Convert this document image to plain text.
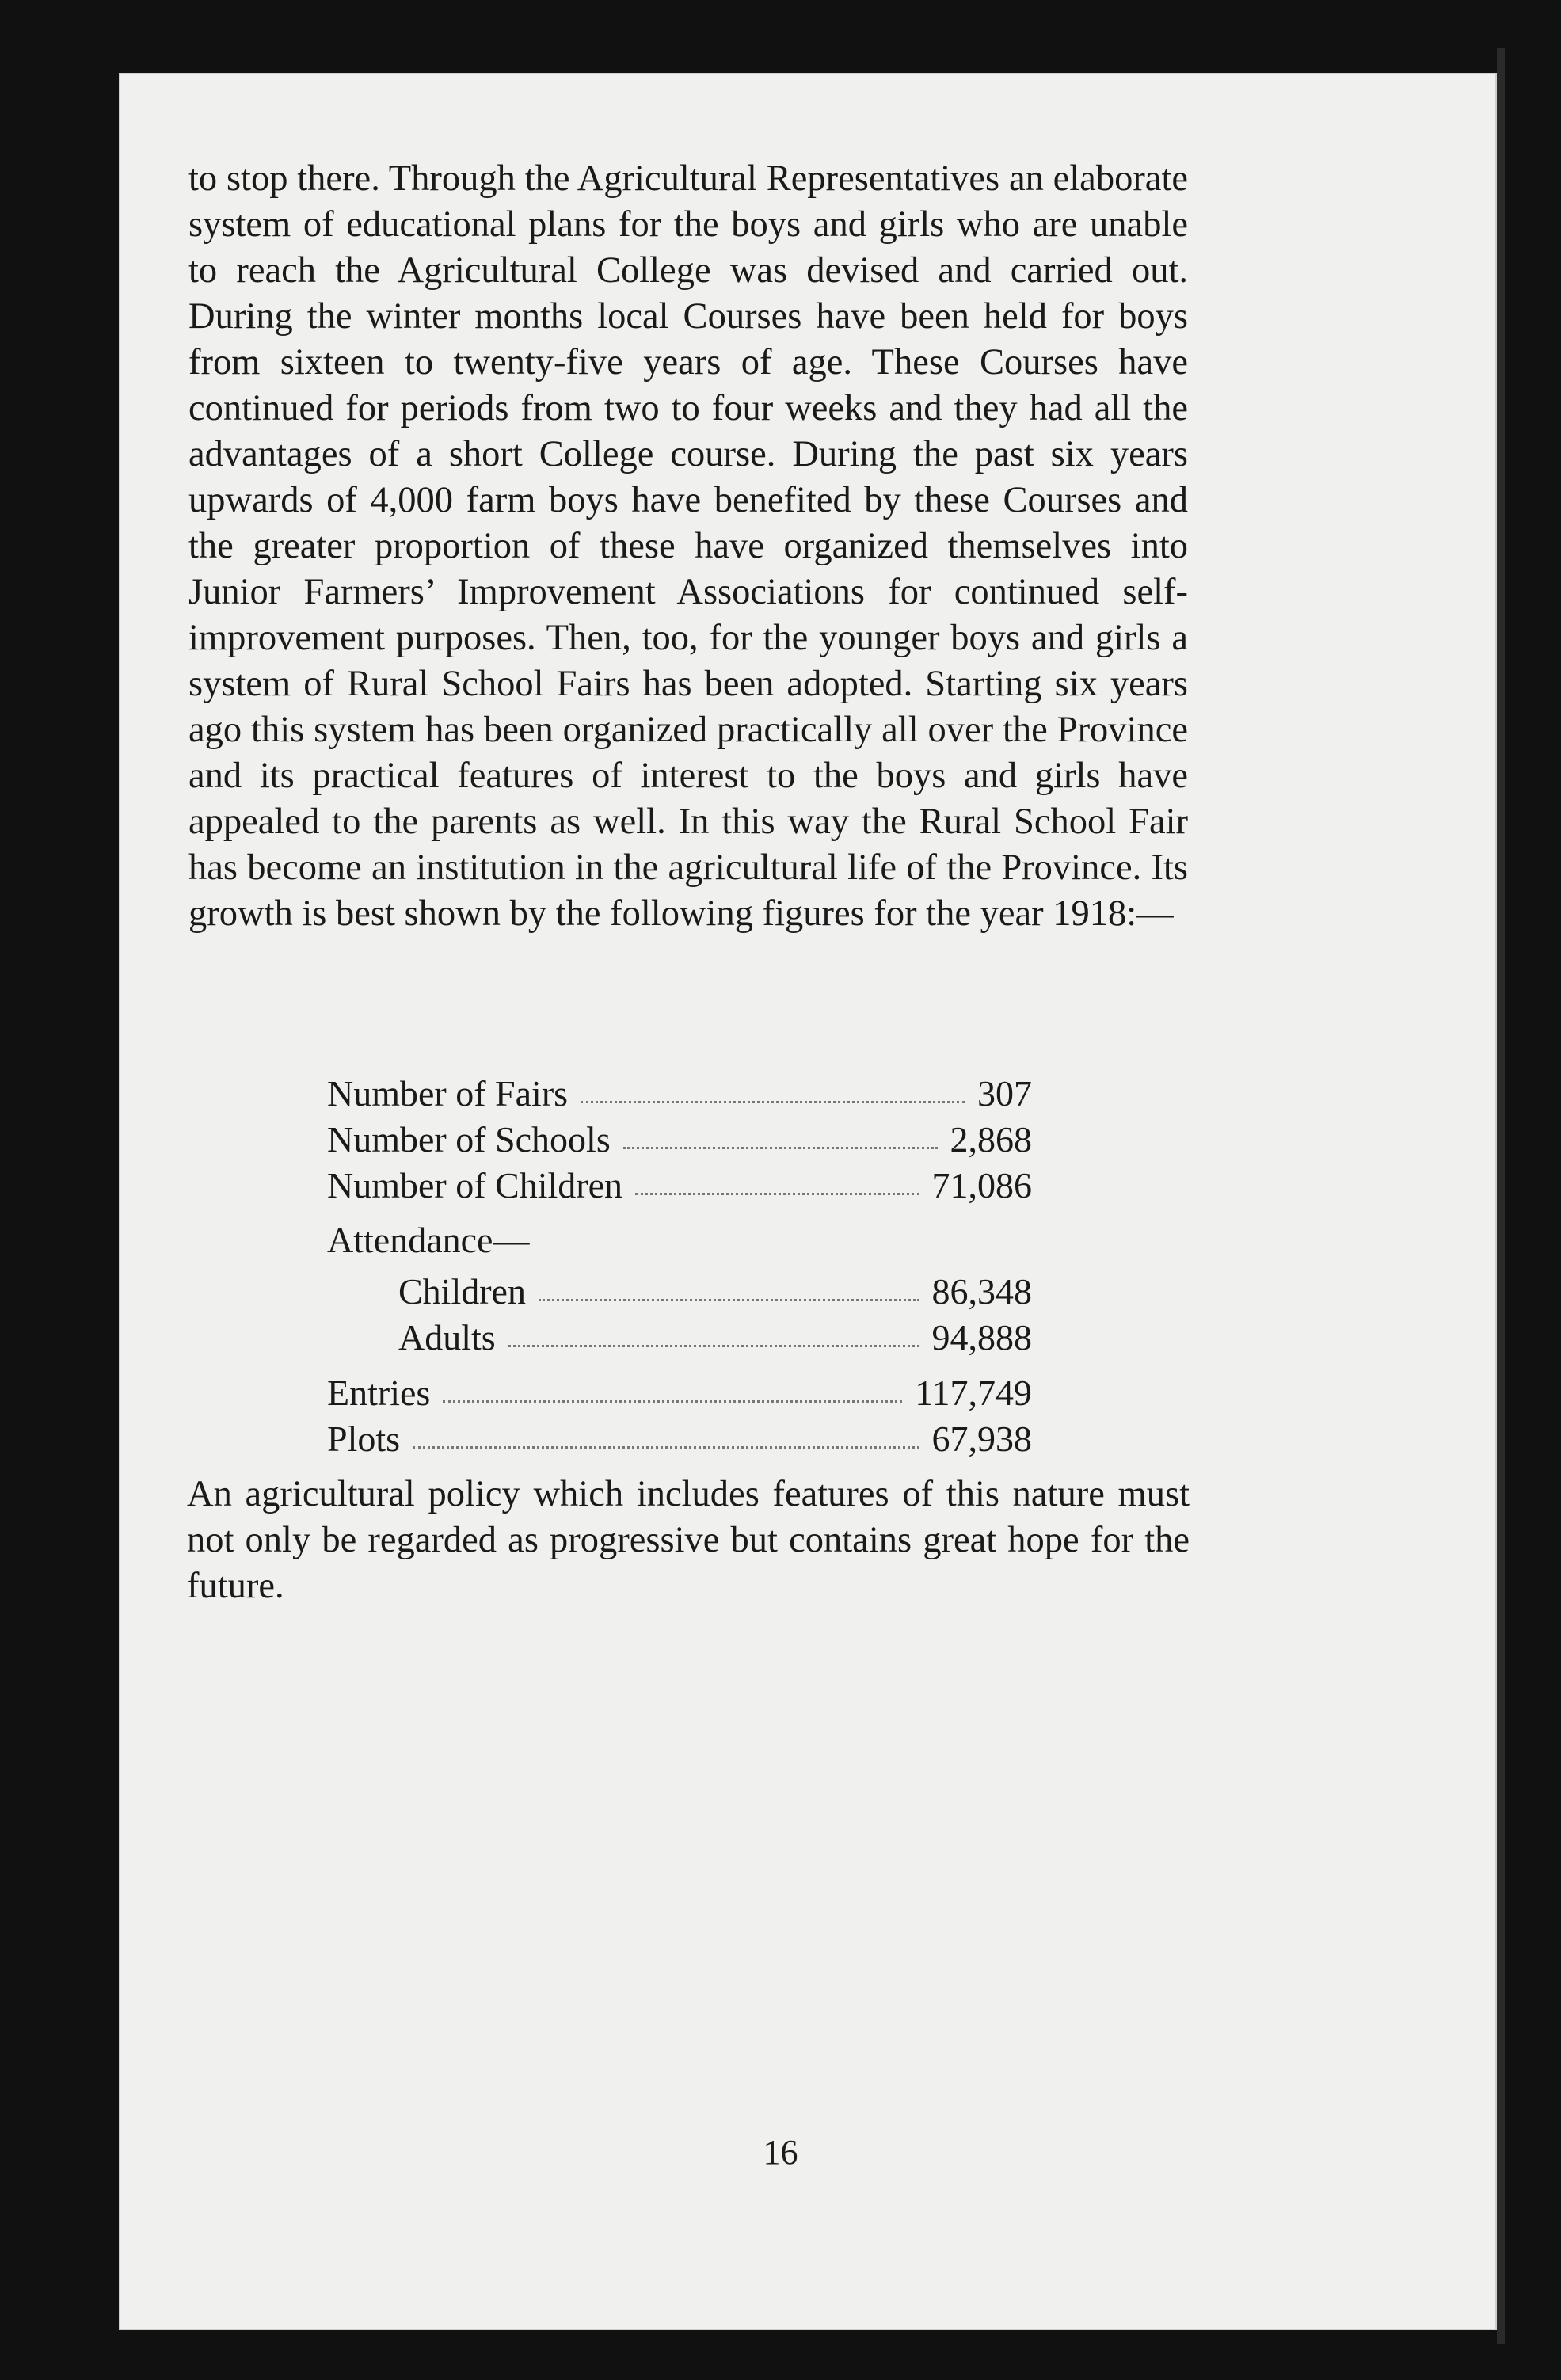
to stop there. Through the Agricultural Representatives an elaborate system of educational plans for the boys and girls who are unable to reach the Agricultural College was devised and carried out. During the winter months local Courses have been held for boys from sixteen to twenty-five years of age. These Courses have continued for periods from two to four weeks and they had all the advantages of a short College course. During the past six years upwards of 4,000 farm boys have benefited by these Courses and the greater proportion of these have organized themselves into Junior Farmers’ Improvement Associations for continued self-improvement purposes. Then, too, for the younger boys and girls a system of Rural School Fairs has been adopted. Starting six years ago this system has been organized practically all over the Province and its practical features of interest to the boys and girls have appealed to the parents as well. In this way the Rural School Fair has become an institution in the agricultural life of the Province. Its growth is best shown by the following figures for the year 1918:—
Number of Fairs	307
Number of Schools	2,868
Number of Children	71,086
Attendance—
Children	86,348
Adults	94,888
Entries	117,749
Plots	67,938
An agricultural policy which includes features of this nature must not only be regarded as progressive but contains great hope for the future.
16
